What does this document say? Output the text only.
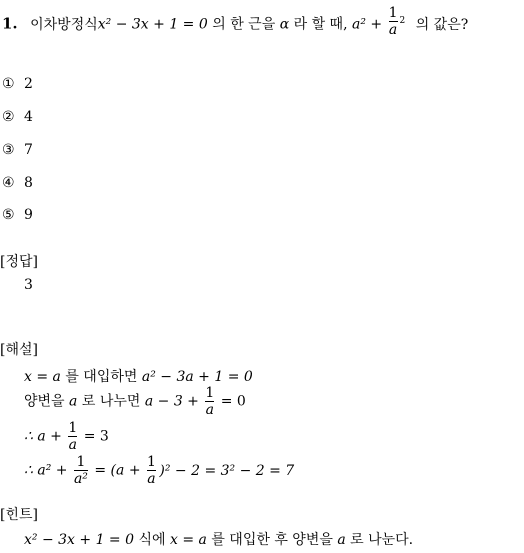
1. 이차방정식x² − 3x + 1 = 0 의 한 근을 α 라 할 때, $a^2 + \frac{1}{a} ^2$ 의 값은?
① 2
② 4
③ 7
④ 8
⑤ 9
[정답]
3
[해설]
x = a 를 대입하면 a² − 3a + 1 = 0
양변을 a 로 나누면 $a - 3 + \frac{1}{a} = 0$
∴ $a + \frac{1}{a} = 3$
∴ $a^2 + \frac{1}{\text{a²}} = (a + \frac{1}{a} )^2 - 2 = 3^2 - 2 = 7$
[힌트]
x² − 3x + 1 = 0 식에 x = a 를 대입한 후 양변을 a 로 나눈다.
